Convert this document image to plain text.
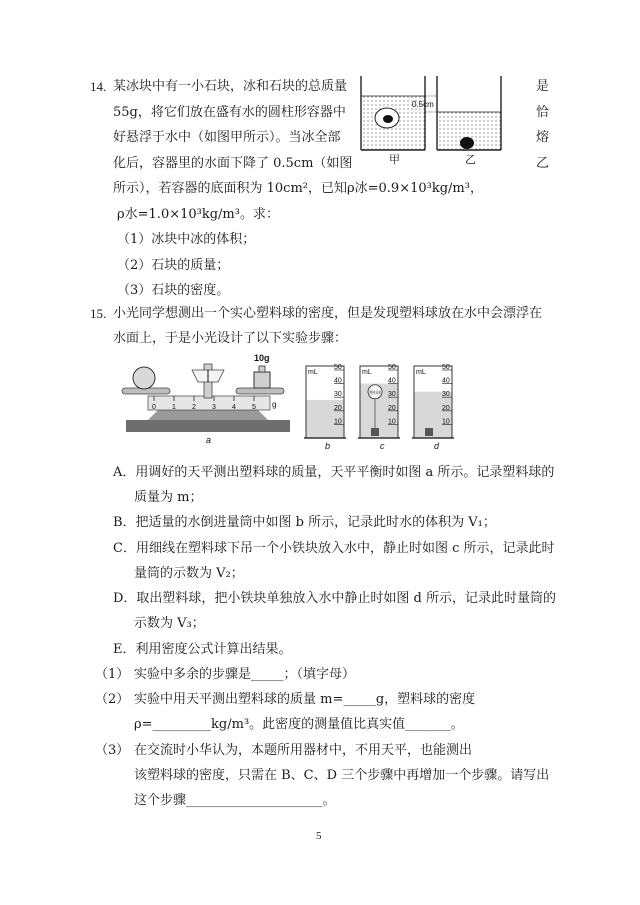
14. 某冰块中有一小石块，冰和石块的总质量	是
55g，将它们放在盛有水的圆柱形容器中	恰
好悬浮于水中（如图甲所示）。当冰全部	熔
化后，容器里的水面下降了 0.5cm（如图	乙
所示），若容器的底面积为 10cm²，已知ρ冰=0.9×10³kg/m³，
ρ水=1.0×10³kg/m³。求：
（1）冰块中冰的体积；
（2）石块的质量；
（3）石块的密度。
0.5cm
甲	乙
15. 小光同学想测出一个实心塑料球的密度，但是发现塑料球放在水中会漂浮在
水面上，于是小光设计了以下实验步骤：
0 1 2 3 4 5 g
10g
a
mL
50
40
30
20
10
mL
50
40
30
20
10
塑料球
mL
50
40
30
20
10
b	c	d
A．用调好的天平测出塑料球的质量，天平平衡时如图 a 所示。记录塑料球的
质量为 m；
B．把适量的水倒进量筒中如图 b 所示，记录此时水的体积为 V₁；
C．用细线在塑料球下吊一个小铁块放入水中，静止时如图 c 所示，记录此时
量筒的示数为 V₂；
D．取出塑料球，把小铁块单独放入水中静止时如图 d 所示，记录此时量筒的
示数为 V₃；
E．利用密度公式计算出结果。
（1） 实验中多余的步骤是_____；（填字母）
（2） 实验中用天平测出塑料球的质量 m=_____g，塑料球的密度
ρ=_________kg/m³。此密度的测量值比真实值_______。
（3） 在交流时小华认为，本题所用器材中，不用天平，也能测出
该塑料球的密度，只需在 B、C、D 三个步骤中再增加一个步骤。请写出
这个步骤_____________________。
5
